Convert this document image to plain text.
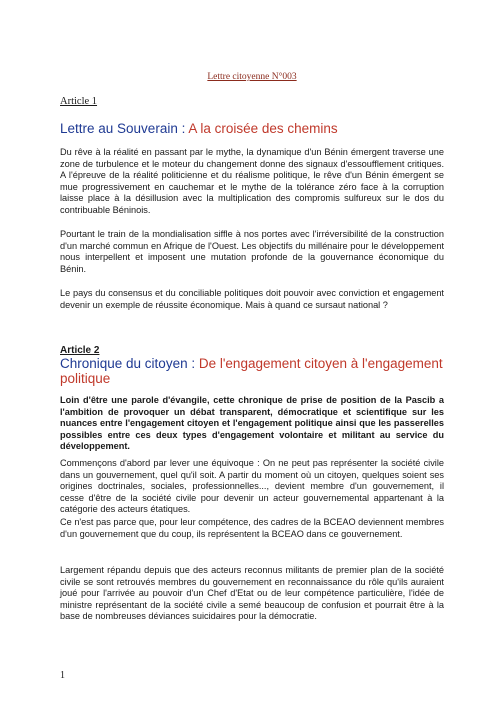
Lettre citoyenne N°003
Article 1
Lettre au Souverain : A la croisée des chemins
Du rêve à la réalité en passant par le mythe, la dynamique d'un Bénin émergent traverse une zone de turbulence et le moteur du changement donne des signaux d'essoufflement critiques. A l'épreuve de la réalité politicienne et du réalisme politique, le rêve d'un Bénin émergent se mue progressivement en cauchemar et le mythe de la tolérance zéro face à la corruption laisse place à la désillusion avec la multiplication des compromis sulfureux sur le dos du contribuable Béninois.
Pourtant le train de la mondialisation siffle à nos portes avec l'irréversibilité de la construction d'un marché commun en Afrique de l'Ouest. Les objectifs du millénaire pour le développement nous interpellent et imposent une mutation profonde de la gouvernance économique du Bénin.
Le pays du consensus et du conciliable politiques doit pouvoir avec conviction et engagement devenir un exemple de réussite économique. Mais à quand ce sursaut national ?
Article 2
Chronique du citoyen : De l'engagement citoyen à l'engagement politique
Loin d'être une parole d'évangile, cette chronique de prise de position de la Pascib a l'ambition de provoquer un débat transparent, démocratique et scientifique sur les nuances entre l'engagement citoyen et l'engagement politique ainsi que les passerelles possibles entre ces deux types d'engagement volontaire et militant au service du développement.
Commençons d'abord par lever une équivoque : On ne peut pas représenter la société civile dans un gouvernement, quel qu'il soit. A partir du moment où un citoyen, quelques soient ses origines doctrinales, sociales, professionnelles..., devient membre d'un gouvernement, il cesse d'être de la société civile pour devenir un acteur gouvernemental appartenant à la catégorie des acteurs étatiques.
Ce n'est pas parce que, pour leur compétence, des cadres de la BCEAO deviennent membres d'un gouvernement que du coup, ils représentent la BCEAO dans ce gouvernement.
Largement répandu depuis que des acteurs reconnus militants de premier plan de la société civile se sont retrouvés membres du gouvernement en reconnaissance du rôle qu'ils auraient joué pour l'arrivée au pouvoir d'un Chef d'Etat ou de leur compétence particulière, l'idée de ministre représentant de la société civile a semé beaucoup de confusion et pourrait être à la base de nombreuses déviances suicidaires pour la démocratie.
1
